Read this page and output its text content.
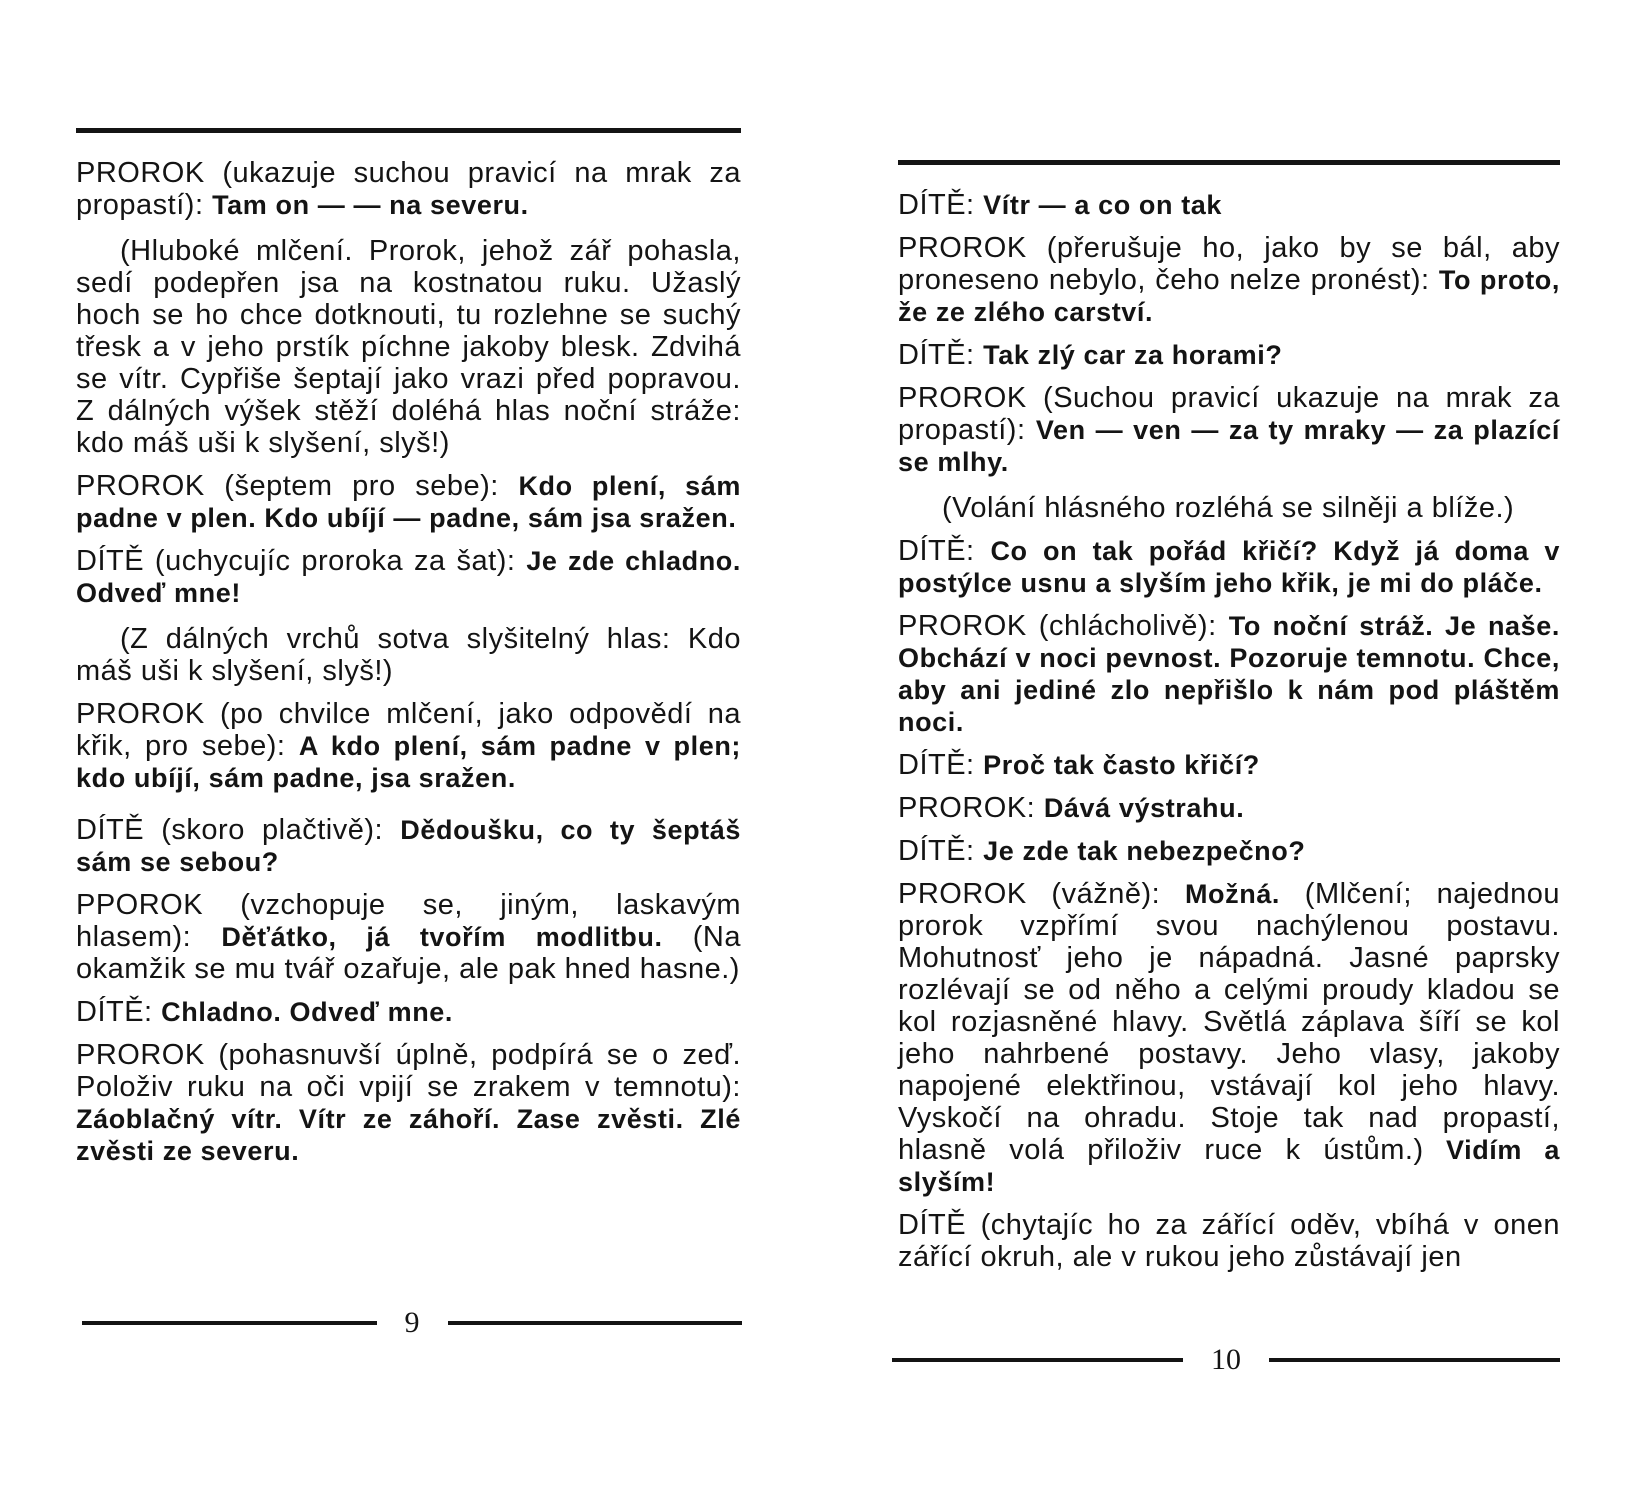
PROROK (ukazuje suchou pravicí na mrak za propastí): Tam on — — na severu.

(Hluboké mlčení. Prorok, jehož zář pohasla, sedí podepřen jsa na kostnatou ruku. Užaslý hoch se ho chce dotknouti, tu rozlehne se suchý třesk a v jeho prstík píchne jakoby blesk. Zdvihá se vítr. Cypřiše šeptají jako vrazi před popravou. Z dálných výšek stěží doléhá hlas noční stráže: kdo máš uši k slyšení, slyš!)

PROROK (šeptem pro sebe): Kdo plení, sám padne v plen. Kdo ubíjí — padne, sám jsa sražen.

DÍTĚ (uchycujíc proroka za šat): Je zde chladno. Odveď mne!

(Z dálných vrchů sotva slyšitelný hlas: Kdo máš uši k slyšení, slyš!)

PROROK (po chvilce mlčení, jako odpovědí na křik, pro sebe): A kdo plení, sám padne v plen; kdo ubíjí, sám padne, jsa sražen.

DÍTĚ (skoro plačtivě): Dědoušku, co ty šeptáš sám se sebou?

PPOROK (vzchopuje se, jiným, laskavým hlasem): Děťátko, já tvořím modlitbu. (Na okamžik se mu tvář ozařuje, ale pak hned hasne.)

DÍTĚ: Chladno. Odveď mne.

PROROK (pohasnuvší úplně, podpírá se o zeď. Položiv ruku na oči vpijí se zrakem v temnotu): Záoblačný vítr. Vítr ze záhoří. Zase zvěsti. Zlé zvěsti ze severu.

9

DÍTĚ: Vítr — a co on tak

PROROK (přerušuje ho, jako by se bál, aby proneseno nebylo, čeho nelze pronést): To proto, že ze zlého carství.

DÍTĚ: Tak zlý car za horami?

PROROK (Suchou pravicí ukazuje na mrak za propastí): Ven — ven — za ty mraky — za plazící se mlhy.

(Volání hlásného rozléhá se silněji a blíže.)

DÍTĚ: Co on tak pořád křičí? Když já doma v postýlce usnu a slyším jeho křik, je mi do pláče.

PROROK (chlácholivě): To noční stráž. Je naše. Obchází v noci pevnost. Pozoruje temnotu. Chce, aby ani jediné zlo nepřišlo k nám pod pláštěm noci.

DÍTĚ: Proč tak často křičí?

PROROK: Dává výstrahu.

DÍTĚ: Je zde tak nebezpečno?

PROROK (vážně): Možná. (Mlčení; najednou prorok vzpřímí svou nachýlenou postavu. Mohutnosť jeho je nápadná. Jasné paprsky rozlévají se od něho a celými proudy kladou se kol rozjasněné hlavy. Světlá záplava šíří se kol jeho nahrbené postavy. Jeho vlasy, jakoby napojené elektřinou, vstávají kol jeho hlavy. Vyskočí na ohradu. Stoje tak nad propastí, hlasně volá přiloživ ruce k ústům.) Vidím a slyším!

DÍTĚ (chytajíc ho za zářící oděv, vbíhá v onen zářící okruh, ale v rukou jeho zůstávají jen

10
